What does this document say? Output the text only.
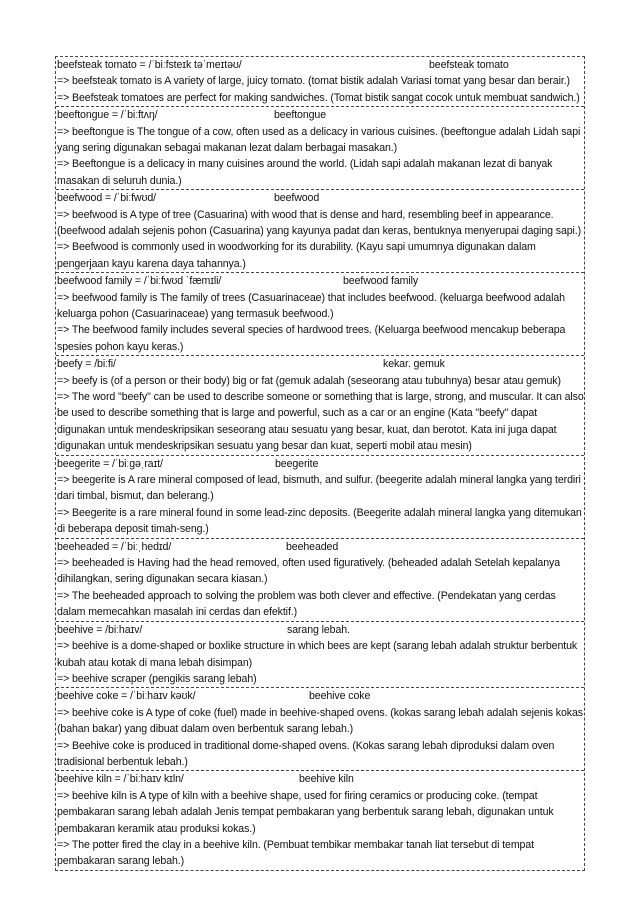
beefsteak tomato = /ˈbiːfsteɪk təˈmeɪtəʊ/	beefsteak tomato
=> beefsteak tomato is A variety of large, juicy tomato. (tomat bistik adalah Variasi tomat yang besar dan berair.)
=> Beefsteak tomatoes are perfect for making sandwiches. (Tomat bistik sangat cocok untuk membuat sandwich.)
beeftongue = /ˈbiːftʌŋ/	beeftongue
=> beeftongue is The tongue of a cow, often used as a delicacy in various cuisines. (beeftongue adalah Lidah sapi yang sering digunakan sebagai makanan lezat dalam berbagai masakan.)
=> Beeftongue is a delicacy in many cuisines around the world. (Lidah sapi adalah makanan lezat di banyak masakan di seluruh dunia.)
beefwood = /ˈbiːfwʊd/	beefwood
=> beefwood is A type of tree (Casuarina) with wood that is dense and hard, resembling beef in appearance. (beefwood adalah sejenis pohon (Casuarina) yang kayunya padat dan keras, bentuknya menyerupai daging sapi.)
=> Beefwood is commonly used in woodworking for its durability. (Kayu sapi umumnya digunakan dalam pengerjaan kayu karena daya tahannya.)
beefwood family = /ˈbiːfwʊd ˈfæmɪli/	beefwood family
=> beefwood family is The family of trees (Casuarinaceae) that includes beefwood. (keluarga beefwood adalah keluarga pohon (Casuarinaceae) yang termasuk beefwood.)
=> The beefwood family includes several species of hardwood trees. (Keluarga beefwood mencakup beberapa spesies pohon kayu keras.)
beefy = /biːfi/	kekar. gemuk
=> beefy is (of a person or their body) big or fat (gemuk adalah (seseorang atau tubuhnya) besar atau gemuk)
=> The word "beefy" can be used to describe someone or something that is large, strong, and muscular. It can also be used to describe something that is large and powerful, such as a car or an engine (Kata "beefy" dapat digunakan untuk mendeskripsikan seseorang atau sesuatu yang besar, kuat, dan berotot. Kata ini juga dapat digunakan untuk mendeskripsikan sesuatu yang besar dan kuat, seperti mobil atau mesin)
beegerite = /ˈbiːɡəˌraɪt/	beegerite
=> beegerite is A rare mineral composed of lead, bismuth, and sulfur. (beegerite adalah mineral langka yang terdiri dari timbal, bismut, dan belerang.)
=> Beegerite is a rare mineral found in some lead-zinc deposits. (Beegerite adalah mineral langka yang ditemukan di beberapa deposit timah-seng.)
beeheaded = /ˈbiːˌhedɪd/	beeheaded
=> beeheaded is Having had the head removed, often used figuratively. (beheaded adalah Setelah kepalanya dihilangkan, sering digunakan secara kiasan.)
=> The beeheaded approach to solving the problem was both clever and effective. (Pendekatan yang cerdas dalam memecahkan masalah ini cerdas dan efektif.)
beehive = /biːhaɪv/	sarang lebah.
=> beehive is a dome-shaped or boxlike structure in which bees are kept (sarang lebah adalah struktur berbentuk kubah atau kotak di mana lebah disimpan)
=> beehive scraper (pengikis sarang lebah)
beehive coke = /ˈbiːhaɪv kəʊk/	beehive coke
=> beehive coke is A type of coke (fuel) made in beehive-shaped ovens. (kokas sarang lebah adalah sejenis kokas (bahan bakar) yang dibuat dalam oven berbentuk sarang lebah.)
=> Beehive coke is produced in traditional dome-shaped ovens. (Kokas sarang lebah diproduksi dalam oven tradisional berbentuk lebah.)
beehive kiln = /ˈbiːhaɪv kɪln/	beehive kiln
=> beehive kiln is A type of kiln with a beehive shape, used for firing ceramics or producing coke. (tempat pembakaran sarang lebah adalah Jenis tempat pembakaran yang berbentuk sarang lebah, digunakan untuk pembakaran keramik atau produksi kokas.)
=> The potter fired the clay in a beehive kiln. (Pembuat tembikar membakar tanah liat tersebut di tempat pembakaran sarang lebah.)
